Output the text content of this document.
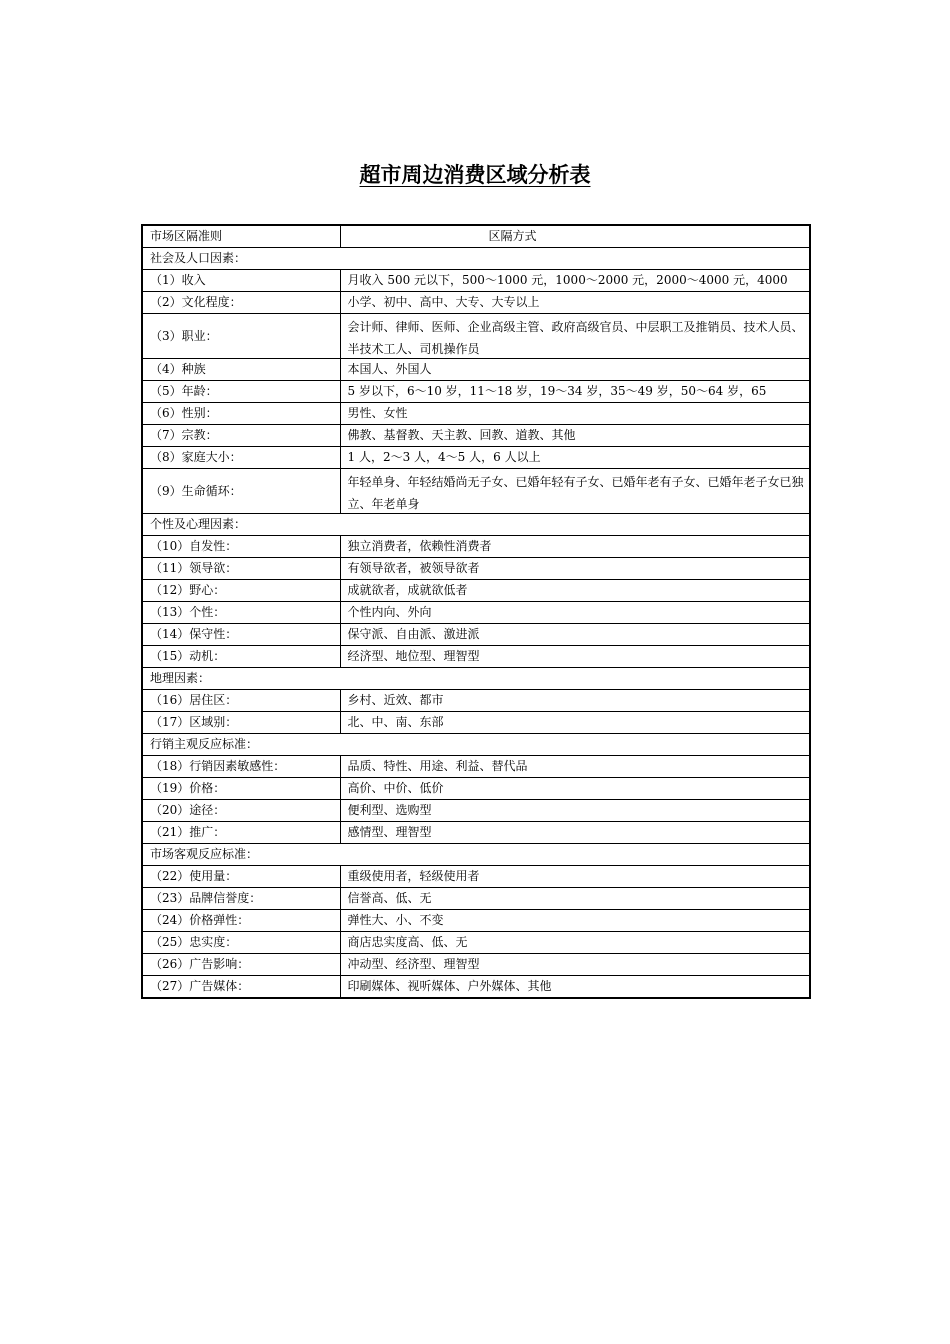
超市周边消费区域分析表
市场区隔准则	区隔方式
社会及人口因素：	
（1）收入	月收入 500 元以下，500～1000 元，1000～2000 元，2000～4000 元，4000
（2）文化程度：	小学、初中、高中、大专、大专以上
（3）职业：	会计师、律师、医师、企业高级主管、政府高级官员、中层职工及推销员、技术人员、半技术工人、司机操作员

（4）种族	本国人、外国人
（5）年龄：	5 岁以下，6～10 岁，11～18 岁，19～34 岁，35～49 岁，50～64 岁，65
（6）性别：	男性、女性
（7）宗教：	佛教、基督教、天主教、回教、道教、其他
（8）家庭大小：	1 人，2～3 人，4～5 人，6 人以上
（9）生命循环：	年轻单身、年轻结婚尚无子女、已婚年轻有子女、已婚年老有子女、已婚年老子女已独立、年老单身

个性及心理因素：	
（10）自发性：	独立消费者，依赖性消费者
（11）领导欲：	有领导欲者，被领导欲者
（12）野心：	成就欲者，成就欲低者
（13）个性：	个性内向、外向
（14）保守性：	保守派、自由派、激进派
（15）动机：	经济型、地位型、理智型
地理因素：	
（16）居住区：	乡村、近效、都市
（17）区域别：	北、中、南、东部
行销主观反应标准：	
（18）行销因素敏感性：	品质、特性、用途、利益、替代品
（19）价格：	高价、中价、低价
（20）途径：	便利型、选购型
（21）推广：	感情型、理智型
市场客观反应标准：	
（22）使用量：	重级使用者，轻级使用者
（23）品牌信誉度：	信誉高、低、无
（24）价格弹性：	弹性大、小、不变
（25）忠实度：	商店忠实度高、低、无
（26）广告影响：	冲动型、经济型、理智型
（27）广告媒体：	印刷媒体、视听媒体、户外媒体、其他
